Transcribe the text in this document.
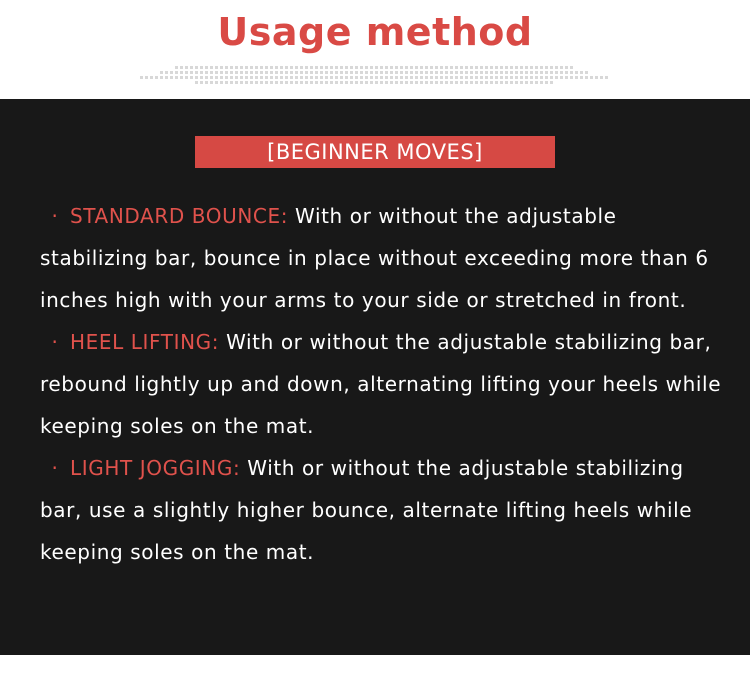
Usage method
[BEGINNER MOVES]

· STANDARD BOUNCE: With or without the adjustable stabilizing bar, bounce in place without exceeding more than 6 inches high with your arms to your side or stretched in front.

· HEEL LIFTING: With or without the adjustable stabilizing bar, rebound lightly up and down, alternating lifting your heels while keeping soles on the mat.

· LIGHT JOGGING: With or without the adjustable stabilizing bar, use a slightly higher bounce, alternate lifting heels while keeping soles on the mat.
